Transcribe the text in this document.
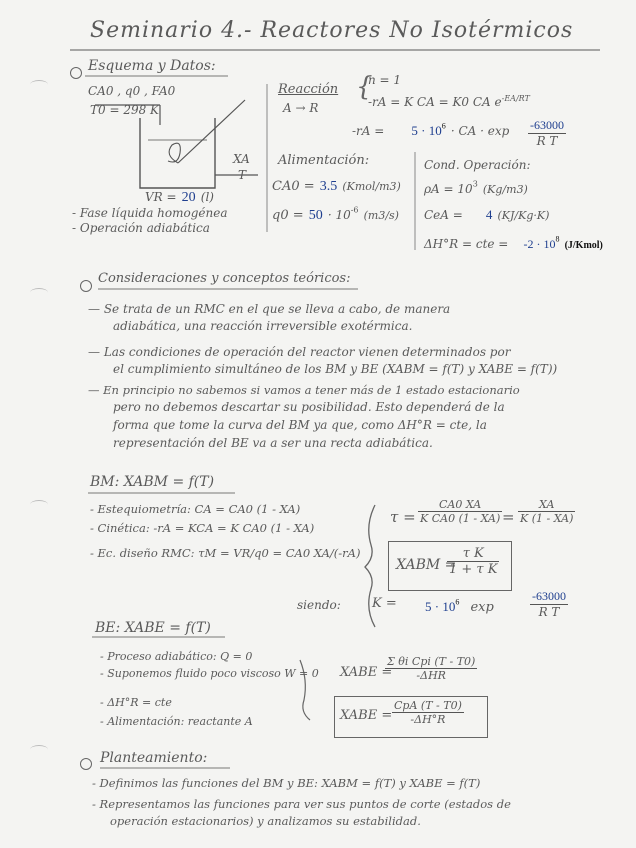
Seminario 4.- Reactores No Isotérmicos
Esquema y Datos:
CA0 , q0 , FA0
T0 = 298 K
XA
T
VR = 20 (l)
- Fase líquida homogénea
- Operación adiabática
Reacción
A → R
{
n = 1
-rA = K CA = K0 CA $e^{-EA/RT}$
$-rA = 5 \cdot 10^6$ · CA · $\exp \frac{-63000}{\text{R T}}$
Alimentación:
CA0 = 3.5 (Kmol/m3)
$q0 = 50 \cdot 10^{-6}$ (m3/s)
Cond. Operación:
$\rho A = 10^3$ (Kg/m3)
CeA = 4 (KJ/Kg·K)
ΔH°R = cte = $-2 \cdot 10^8$ (J/Kmol)
Consideraciones y conceptos teóricos:
— Se trata de un RMC en el que se lleva a cabo, de manera
adiabática, una reacción irreversible exotérmica.
— Las condiciones de operación del reactor vienen determinados por
el cumplimiento simultáneo de los BM y BE (XABM = f(T) y XABE = f(T))
— En principio no sabemos si vamos a tener más de 1 estado estacionario
pero no debemos descartar su posibilidad. Esto dependerá de la
forma que tome la curva del BM ya que, como ΔH°R = cte, la
representación del BE va a ser una recta adiabática.
BM: XABM = f(T)
- Estequiometría: CA = CA0 (1 - XA)
- Cinética: -rA = KCA = K CA0 (1 - XA)
- Ec. diseño RMC: τM = VR/q0 = CA0 XA/(-rA)
$\tau = \frac{CA0 XA}{\text{K CA0 (1 - XA)}} = \frac{XA}{K (1 - XA)}$
XABM =
$\frac{\text{τ K}}{\text{1 + τ K}}$
siendo: $K = 5 \cdot 10^6$ exp	$\frac{-63000}{\text{R T}}$
BE: XABE = f(T)
- Proceso adiabático: Q = 0
- Suponemos fluido poco viscoso W = 0
- ΔH°R = cte
- Alimentación: reactante A
XABE =
Σ θi Cpi (T - T0)
-ΔHR
XABE =
CpA (T - T0)
-ΔH°R
Planteamiento:
- Definimos las funciones del BM y BE: XABM = f(T) y XABE = f(T)
- Representamos las funciones para ver sus puntos de corte (estados de
operación estacionarios) y analizamos su estabilidad.
